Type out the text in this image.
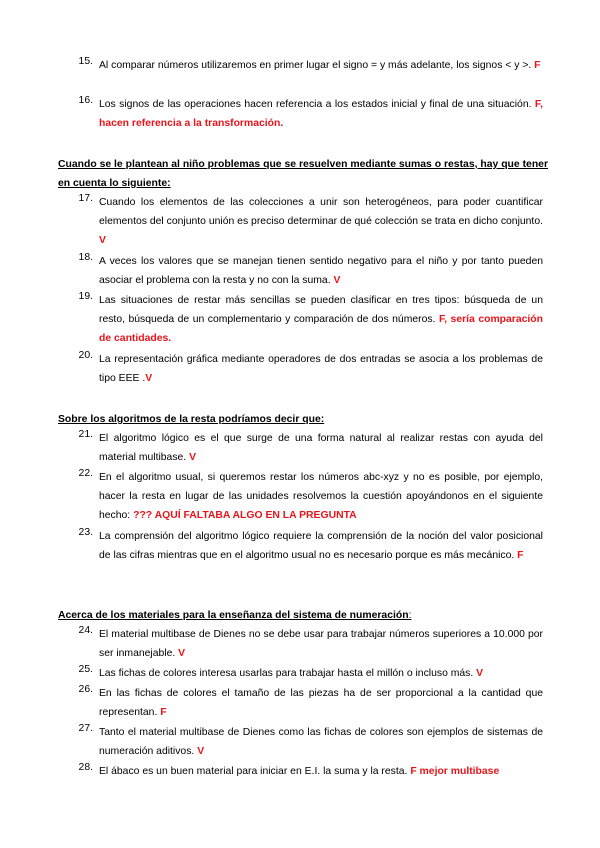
15. Al comparar números utilizaremos en primer lugar el signo = y más adelante, los signos < y >. F
16. Los signos de las operaciones hacen referencia a los estados inicial y final de una situación. F, hacen referencia a la transformación.
Cuando se le plantean al niño problemas que se resuelven mediante sumas o restas, hay que tener en cuenta lo siguiente:
17. Cuando los elementos de las colecciones a unir son heterogéneos, para poder cuantificar elementos del conjunto unión es preciso determinar de qué colección se trata en dicho conjunto. V
18. A veces los valores que se manejan tienen sentido negativo para el niño y por tanto pueden asociar el problema con la resta y no con la suma. V
19. Las situaciones de restar más sencillas se pueden clasificar en tres tipos: búsqueda de un resto, búsqueda de un complementario y comparación de dos números. F, sería comparación de cantidades.
20. La representación gráfica mediante operadores de dos entradas se asocia a los problemas de tipo EEE .V
Sobre los algoritmos de la resta podríamos decir que:
21. El algoritmo lógico es el que surge de una forma natural al realizar restas con ayuda del material multibase. V
22. En el algoritmo usual, si queremos restar los números abc-xyz y no es posible, por ejemplo, hacer la resta en lugar de las unidades resolvemos la cuestión apoyándonos en el siguiente hecho: ??? AQUÍ FALTABA ALGO EN LA PREGUNTA
23. La comprensión del algoritmo lógico requiere la comprensión de la noción del valor posicional de las cifras mientras que en el algoritmo usual no es necesario porque es más mecánico. F
Acerca de los materiales para la enseñanza del sistema de numeración:
24. El material multibase de Dienes no se debe usar para trabajar números superiores a 10.000 por ser inmanejable. V
25. Las fichas de colores interesa usarlas para trabajar hasta el millón o incluso más. V
26. En las fichas de colores el tamaño de las piezas ha de ser proporcional a la cantidad que representan. F
27. Tanto el material multibase de Dienes como las fichas de colores son ejemplos de sistemas de numeración aditivos. V
28. El ábaco es un buen material para iniciar en E.I. la suma y la resta. F mejor multibase
